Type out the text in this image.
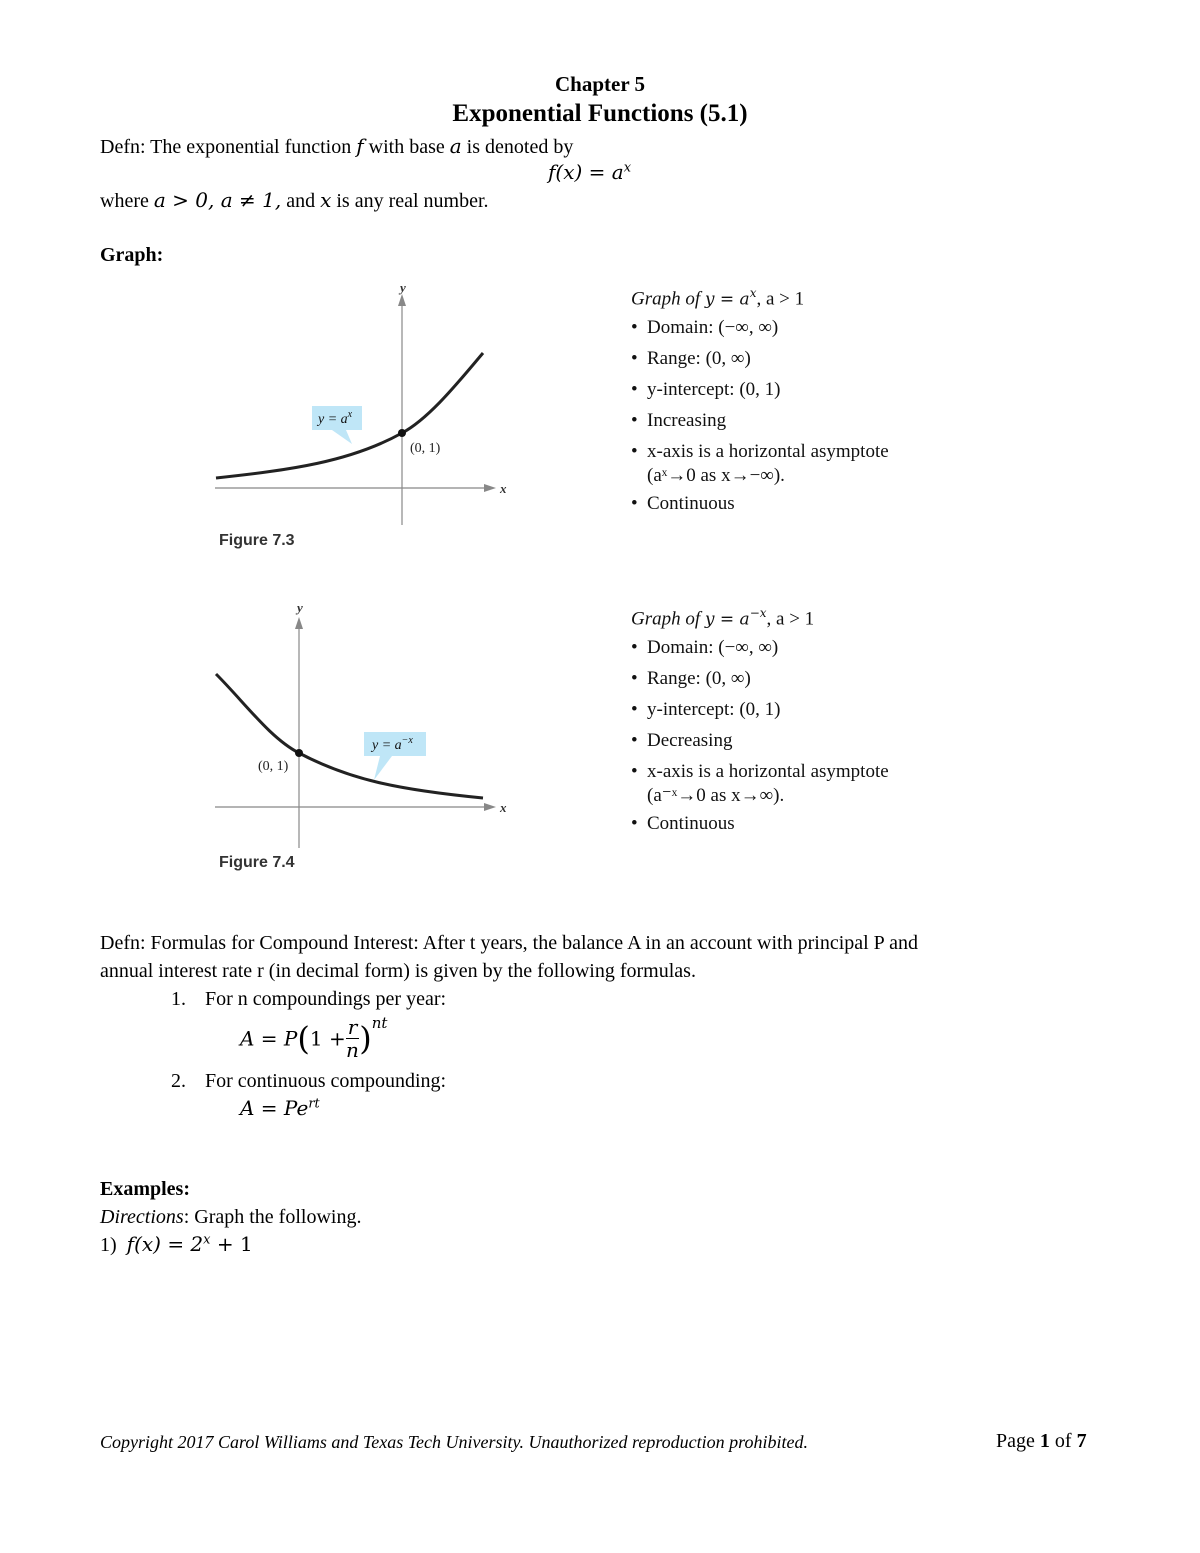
Chapter 5
Exponential Functions (5.1)
Defn: The exponential function f with base a is denoted by
$f(x) = a^x$
where a > 0, a ≠ 1, and x is any real number.
Graph:
$y = a^x$
(0, 1)
x
y
Figure 7.3
Graph of $y = a^x$, a > 1
• Domain: (−∞, ∞)
• Range: (0, ∞)
• y-intercept: (0, 1)
• Increasing
• x-axis is a horizontal asymptote
(aˣ→0 as x→−∞).
• Continuous
$y = a^{-x}$
(0, 1)
x
y
Figure 7.4
Graph of $y = a^{-x}$, a > 1
• Domain: (−∞, ∞)
• Range: (0, ∞)
• y-intercept: (0, 1)
• Decreasing
• x-axis is a horizontal asymptote
(a⁻ˣ→0 as x→∞).
• Continuous
Defn: Formulas for Compound Interest: After t years, the balance A in an account with principal P and
annual interest rate r (in decimal form) is given by the following formulas.
1. For n compoundings per year:
$A = P(1 + \frac{r}{n} )nt$
2. For continuous compounding:
$A = Pe^{rt}$
Examples:
Directions: Graph the following.
1) $f(x) = 2^x + 1$
Copyright 2017 Carol Williams and Texas Tech University. Unauthorized reproduction prohibited.	Page 1 of 7
